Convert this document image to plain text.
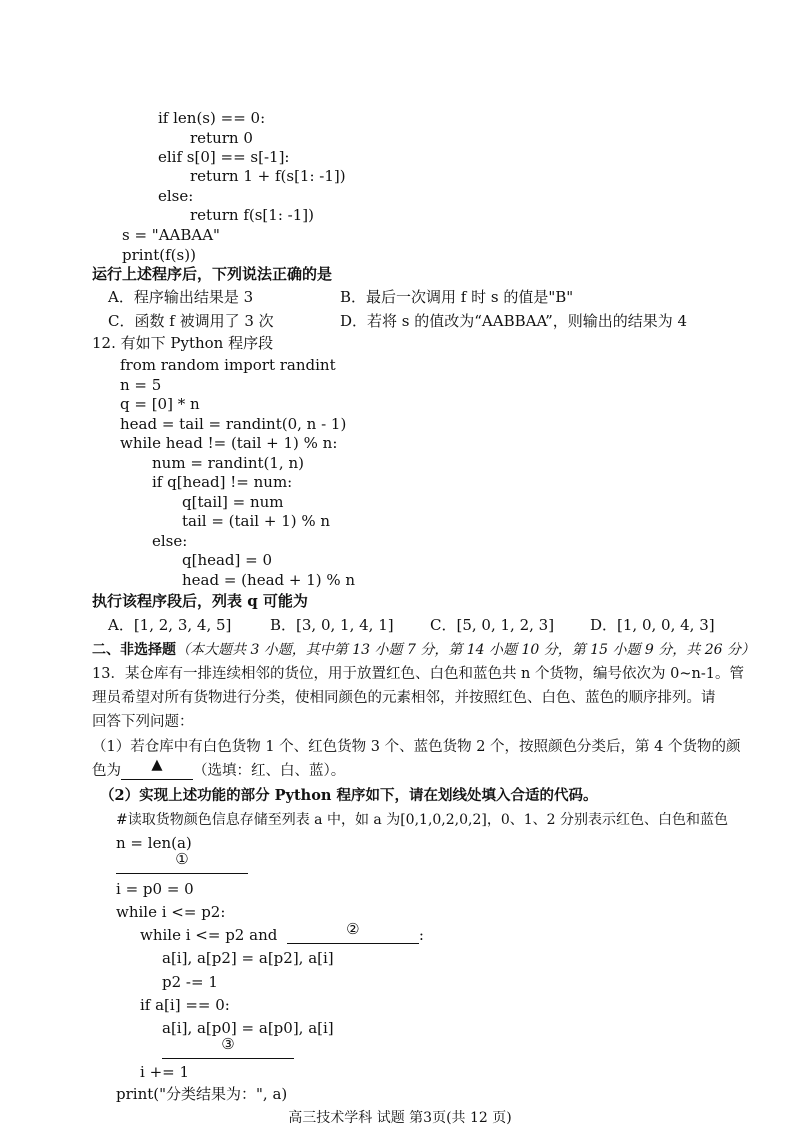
if len(s) == 0:
return 0
elif s[0] == s[-1]:
return 1 + f(s[1: -1])
else:
return f(s[1: -1])
s = "AABAA"
print(f(s))
运行上述程序后，下列说法正确的是
A．程序输出结果是 3	B．最后一次调用 f 时 s 的值是"B"
C．函数 f 被调用了 3 次	D．若将 s 的值改为“AABBAA”，则输出的结果为 4
12. 有如下 Python 程序段
from random import randint
n = 5
q = [0] * n
head = tail = randint(0, n - 1)
while head != (tail + 1) % n:
num = randint(1, n)
if q[head] != num:
q[tail] = num
tail = (tail + 1) % n
else:
q[head] = 0
head = (head + 1) % n
执行该程序段后，列表 q 可能为
A．[1, 2, 3, 4, 5]	B．[3, 0, 1, 4, 1] C．[5, 0, 1, 2, 3] D．[1, 0, 0, 4, 3]
二、非选择题（本大题共 3 小题，其中第 13 小题 7 分，第 14 小题 10 分，第 15 小题 9 分，共 26 分）
13．某仓库有一排连续相邻的货位，用于放置红色、白色和蓝色共 n 个货物，编号依次为 0~n-1。管
理员希望对所有货物进行分类，使相同颜色的元素相邻，并按照红色、白色、蓝色的顺序排列。请
回答下列问题：
（1）若仓库中有白色货物 1 个、红色货物 3 个、蓝色货物 2 个，按照颜色分类后，第 4 个货物的颜
色为 ▲ （选填：红、白、蓝）。
（2）实现上述功能的部分 Python 程序如下，请在划线处填入合适的代码。
#读取货物颜色信息存储至列表 a 中，如 a 为[0,1,0,2,0,2]，0、1、2 分别表示红色、白色和蓝色
n = len(a)
①
i = p0 = 0
while i <= p2:
while i <= p2 and	②	:
a[i], a[p2] = a[p2], a[i]
p2 -= 1
if a[i] == 0:
a[i], a[p0] = a[p0], a[i]
③
高三技术学科 试题 第3页(共 12 页)
i += 1
print("分类结果为：", a)
